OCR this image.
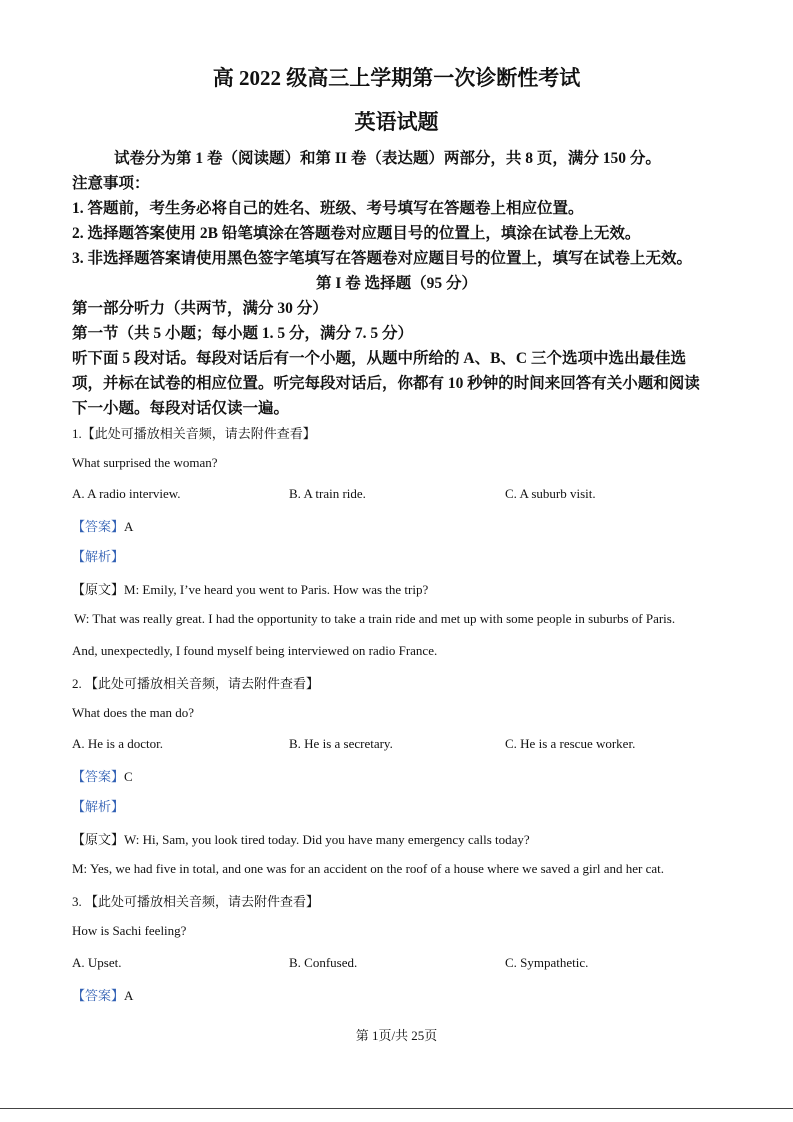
高 2022 级高三上学期第一次诊断性考试
英语试题
试卷分为第 1 卷（阅读题）和第 II 卷（表达题）两部分，共 8 页，满分 150 分。
注意事项：
1. 答题前，考生务必将自己的姓名、班级、考号填写在答题卷上相应位置。
2. 选择题答案使用 2B 铅笔填涂在答题卷对应题目号的位置上，填涂在试卷上无效。
3. 非选择题答案请使用黑色签字笔填写在答题卷对应题目号的位置上，填写在试卷上无效。
第 I 卷 选择题（95 分）
第一部分听力（共两节，满分 30 分）
第一节（共 5 小题；每小题 1. 5 分，满分 7. 5 分）
听下面 5 段对话。每段对话后有一个小题，从题中所给的 A、B、C 三个选项中选出最佳选
项，并标在试卷的相应位置。听完每段对话后，你都有 10 秒钟的时间来回答有关小题和阅读
下一小题。每段对话仅读一遍。
1.【此处可播放相关音频，请去附件查看】
What surprised the woman?
A. A radio interview.	B. A train ride.	C. A suburb visit.
【答案】A
【解析】
【原文】M: Emily, I’ve heard you went to Paris. How was the trip?
W: That was really great. I had the opportunity to take a train ride and met up with some people in suburbs of Paris.
And, unexpectedly, I found myself being interviewed on radio France.
2. 【此处可播放相关音频，请去附件查看】
What does the man do?
A. He is a doctor.	B. He is a secretary.	C. He is a rescue worker.
【答案】C
【解析】
【原文】W: Hi, Sam, you look tired today. Did you have many emergency calls today?
M: Yes, we had five in total, and one was for an accident on the roof of a house where we saved a girl and her cat.
3. 【此处可播放相关音频，请去附件查看】
How is Sachi feeling?
A. Upset.	B. Confused.	C. Sympathetic.
【答案】A
第 1页/共 25页
